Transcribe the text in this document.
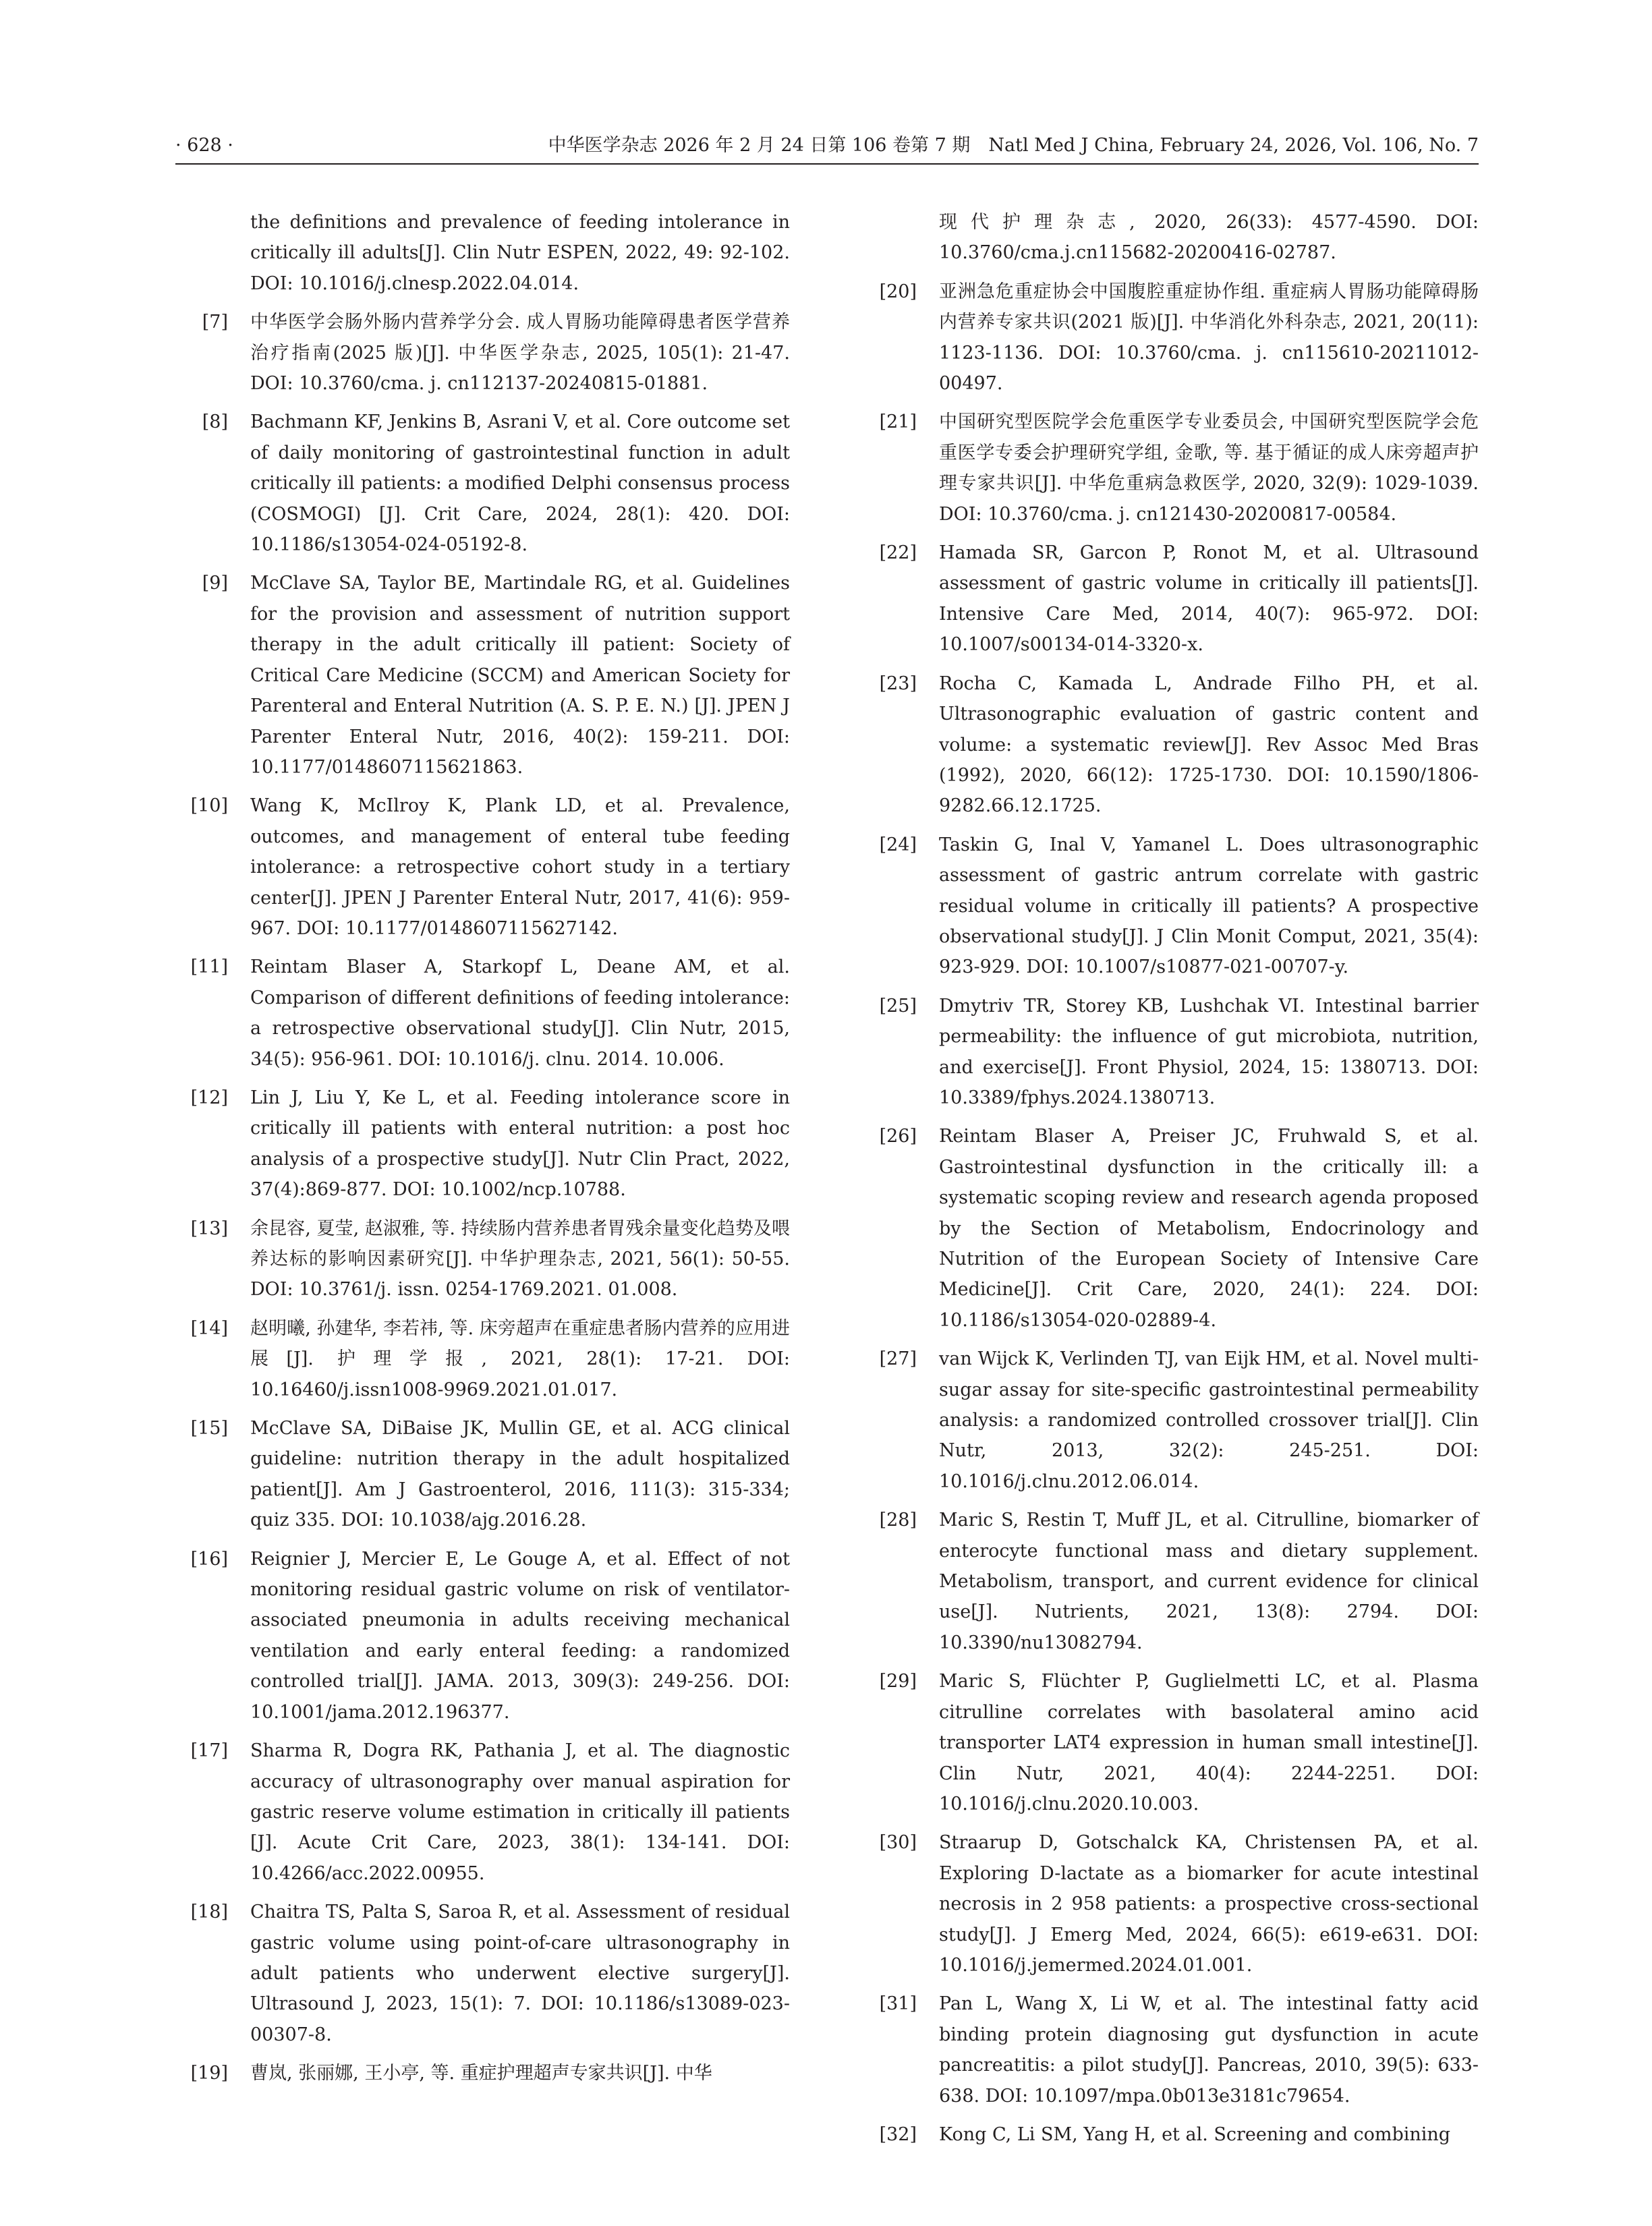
· 628 ·	中华医学杂志 2026 年 2 月 24 日第 106 卷第 7 期　Natl Med J China, February 24, 2026, Vol. 106, No. 7
the definitions and prevalence of feeding intolerance in critically ill adults[J]. Clin Nutr ESPEN, 2022, 49: 92-102. DOI: 10.1016/j.clnesp.2022.04.014.
[7] 中华医学会肠外肠内营养学分会. 成人胃肠功能障碍患者医学营养治疗指南(2025 版)[J]. 中华医学杂志, 2025, 105(1): 21-47. DOI: 10.3760/cma. j. cn112137-20240815-01881.
[8] Bachmann KF, Jenkins B, Asrani V, et al. Core outcome set of daily monitoring of gastrointestinal function in adult critically ill patients: a modified Delphi consensus process (COSMOGI) [J]. Crit Care, 2024, 28(1): 420. DOI: 10.1186/s13054-024-05192-8.
[9] McClave SA, Taylor BE, Martindale RG, et al. Guidelines for the provision and assessment of nutrition support therapy in the adult critically ill patient: Society of Critical Care Medicine (SCCM) and American Society for Parenteral and Enteral Nutrition (A. S. P. E. N.) [J]. JPEN J Parenter Enteral Nutr, 2016, 40(2): 159-211. DOI: 10.1177/0148607115621863.
[10] Wang K, McIlroy K, Plank LD, et al. Prevalence, outcomes, and management of enteral tube feeding intolerance: a retrospective cohort study in a tertiary center[J]. JPEN J Parenter Enteral Nutr, 2017, 41(6): 959-967. DOI: 10.1177/0148607115627142.
[11] Reintam Blaser A, Starkopf L, Deane AM, et al. Comparison of different definitions of feeding intolerance: a retrospective observational study[J]. Clin Nutr, 2015, 34(5): 956-961. DOI: 10.1016/j. clnu. 2014. 10.006.
[12] Lin J, Liu Y, Ke L, et al. Feeding intolerance score in critically ill patients with enteral nutrition: a post hoc analysis of a prospective study[J]. Nutr Clin Pract, 2022, 37(4):869-877. DOI: 10.1002/ncp.10788.
[13] 余昆容, 夏莹, 赵淑雅, 等. 持续肠内营养患者胃残余量变化趋势及喂养达标的影响因素研究[J]. 中华护理杂志, 2021, 56(1): 50-55. DOI: 10.3761/j. issn. 0254-1769.2021. 01.008.
[14] 赵明曦, 孙建华, 李若祎, 等. 床旁超声在重症患者肠内营养的应用进展[J]. 护理学报, 2021, 28(1): 17-21. DOI: 10.16460/j.issn1008-9969.2021.01.017.
[15] McClave SA, DiBaise JK, Mullin GE, et al. ACG clinical guideline: nutrition therapy in the adult hospitalized patient[J]. Am J Gastroenterol, 2016, 111(3): 315-334; quiz 335. DOI: 10.1038/ajg.2016.28.
[16] Reignier J, Mercier E, Le Gouge A, et al. Effect of not monitoring residual gastric volume on risk of ventilator-associated pneumonia in adults receiving mechanical ventilation and early enteral feeding: a randomized controlled trial[J]. JAMA. 2013, 309(3): 249-256. DOI: 10.1001/jama.2012.196377.
[17] Sharma R, Dogra RK, Pathania J, et al. The diagnostic accuracy of ultrasonography over manual aspiration for gastric reserve volume estimation in critically ill patients [J]. Acute Crit Care, 2023, 38(1): 134-141. DOI: 10.4266/acc.2022.00955.
[18] Chaitra TS, Palta S, Saroa R, et al. Assessment of residual gastric volume using point-of-care ultrasonography in adult patients who underwent elective surgery[J]. Ultrasound J, 2023, 15(1): 7. DOI: 10.1186/s13089-023-00307-8.
[19] 曹岚, 张丽娜, 王小亭, 等. 重症护理超声专家共识[J]. 中华
现代护理杂志, 2020, 26(33): 4577-4590. DOI: 10.3760/cma.j.cn115682-20200416-02787.
[20] 亚洲急危重症协会中国腹腔重症协作组. 重症病人胃肠功能障碍肠内营养专家共识(2021 版)[J]. 中华消化外科杂志, 2021, 20(11): 1123-1136. DOI: 10.3760/cma. j. cn115610-20211012-00497.
[21] 中国研究型医院学会危重医学专业委员会, 中国研究型医院学会危重医学专委会护理研究学组, 金歌, 等. 基于循证的成人床旁超声护理专家共识[J]. 中华危重病急救医学, 2020, 32(9): 1029-1039. DOI: 10.3760/cma. j. cn121430-20200817-00584.
[22] Hamada SR, Garcon P, Ronot M, et al. Ultrasound assessment of gastric volume in critically ill patients[J]. Intensive Care Med, 2014, 40(7): 965-972. DOI: 10.1007/s00134-014-3320-x.
[23] Rocha C, Kamada L, Andrade Filho PH, et al. Ultrasonographic evaluation of gastric content and volume: a systematic review[J]. Rev Assoc Med Bras (1992), 2020, 66(12): 1725-1730. DOI: 10.1590/1806-9282.66.12.1725.
[24] Taskin G, Inal V, Yamanel L. Does ultrasonographic assessment of gastric antrum correlate with gastric residual volume in critically ill patients? A prospective observational study[J]. J Clin Monit Comput, 2021, 35(4): 923-929. DOI: 10.1007/s10877-021-00707-y.
[25] Dmytriv TR, Storey KB, Lushchak VI. Intestinal barrier permeability: the influence of gut microbiota, nutrition, and exercise[J]. Front Physiol, 2024, 15: 1380713. DOI: 10.3389/fphys.2024.1380713.
[26] Reintam Blaser A, Preiser JC, Fruhwald S, et al. Gastrointestinal dysfunction in the critically ill: a systematic scoping review and research agenda proposed by the Section of Metabolism, Endocrinology and Nutrition of the European Society of Intensive Care Medicine[J]. Crit Care, 2020, 24(1): 224. DOI: 10.1186/s13054-020-02889-4.
[27] van Wijck K, Verlinden TJ, van Eijk HM, et al. Novel multi-sugar assay for site-specific gastrointestinal permeability analysis: a randomized controlled crossover trial[J]. Clin Nutr, 2013, 32(2): 245-251. DOI: 10.1016/j.clnu.2012.06.014.
[28] Maric S, Restin T, Muff JL, et al. Citrulline, biomarker of enterocyte functional mass and dietary supplement. Metabolism, transport, and current evidence for clinical use[J]. Nutrients, 2021, 13(8): 2794. DOI: 10.3390/nu13082794.
[29] Maric S, Flüchter P, Guglielmetti LC, et al. Plasma citrulline correlates with basolateral amino acid transporter LAT4 expression in human small intestine[J]. Clin Nutr, 2021, 40(4): 2244-2251. DOI: 10.1016/j.clnu.2020.10.003.
[30] Straarup D, Gotschalck KA, Christensen PA, et al. Exploring D-lactate as a biomarker for acute intestinal necrosis in 2 958 patients: a prospective cross-sectional study[J]. J Emerg Med, 2024, 66(5): e619-e631. DOI: 10.1016/j.jemermed.2024.01.001.
[31] Pan L, Wang X, Li W, et al. The intestinal fatty acid binding protein diagnosing gut dysfunction in acute pancreatitis: a pilot study[J]. Pancreas, 2010, 39(5): 633-638. DOI: 10.1097/mpa.0b013e3181c79654.
[32] Kong C, Li SM, Yang H, et al. Screening and combining
